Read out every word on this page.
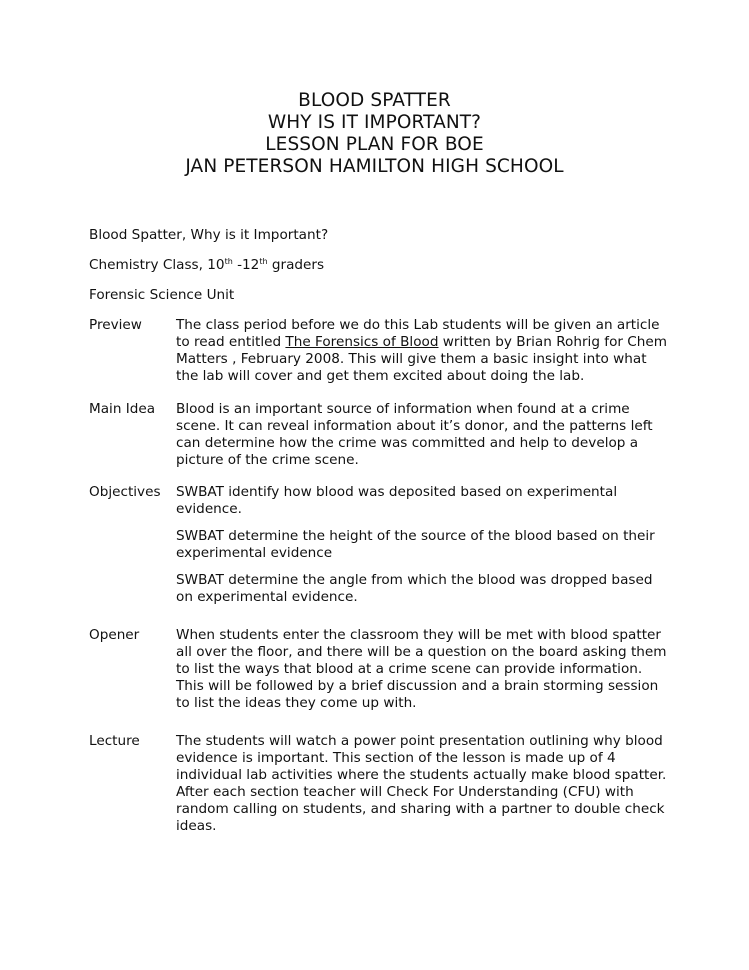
BLOOD SPATTER
WHY IS IT IMPORTANT?
LESSON PLAN FOR BOE
JAN PETERSON HAMILTON HIGH SCHOOL
Blood Spatter, Why is it Important?
Chemistry Class, 10th -12th graders
Forensic Science Unit
Preview	The class period before we do this Lab students will be given an article to read entitled The Forensics of Blood written by Brian Rohrig for Chem Matters , February 2008. This will give them a basic insight into what the lab will cover and get them excited about doing the lab.
Main Idea	Blood is an important source of information when found at a crime scene. It can reveal information about it’s donor, and the patterns left can determine how the crime was committed and help to develop a picture of the crime scene.
Objectives	SWBAT identify how blood was deposited based on experimental evidence.

SWBAT determine the height of the source of the blood based on their experimental evidence

SWBAT determine the angle from which the blood was dropped based on experimental evidence.

Opener	When students enter the classroom they will be met with blood spatter all over the floor, and there will be a question on the board asking them to list the ways that blood at a crime scene can provide information.
This will be followed by a brief discussion and a brain storming session to list the ideas they come up with.
Lecture	The students will watch a power point presentation outlining why blood evidence is important. This section of the lesson is made up of 4 individual lab activities where the students actually make blood spatter. After each section teacher will Check For Understanding (CFU) with random calling on students, and sharing with a partner to double check ideas.
